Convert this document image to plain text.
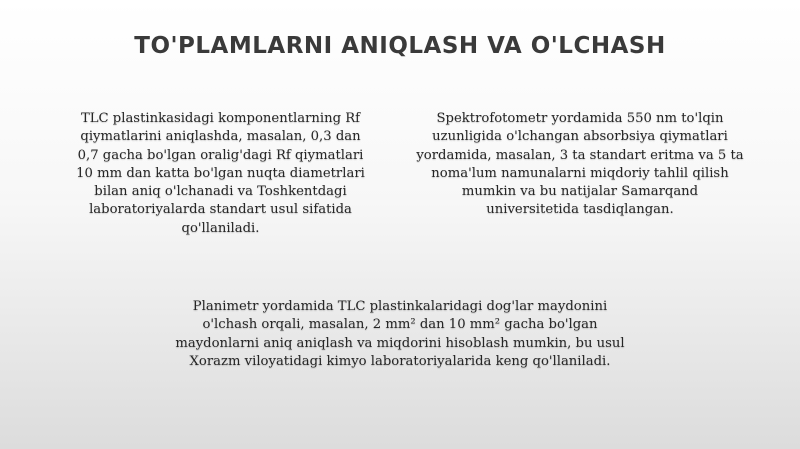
TO'PLAMLARNI ANIQLASH VA O'LCHASH
TLC plastinkasidagi komponentlarning Rf
qiymatlarini aniqlashda, masalan, 0,3 dan
0,7 gacha bo'lgan oralig'dagi Rf qiymatlari
10 mm dan katta bo'lgan nuqta diametrlari
bilan aniq o'lchanadi va Toshkentdagi
laboratoriyalarda standart usul sifatida
qo'llaniladi.
Spektrofotometr yordamida 550 nm to'lqin
uzunligida o'lchangan absorbsiya qiymatlari
yordamida, masalan, 3 ta standart eritma va 5 ta
noma'lum namunalarni miqdoriy tahlil qilish
mumkin va bu natijalar Samarqand
universitetida tasdiqlangan.
Planimetr yordamida TLC plastinkalaridagi dog'lar maydonini
o'lchash orqali, masalan, 2 mm² dan 10 mm² gacha bo'lgan
maydonlarni aniq aniqlash va miqdorini hisoblash mumkin, bu usul
Xorazm viloyatidagi kimyo laboratoriyalarida keng qo'llaniladi.
